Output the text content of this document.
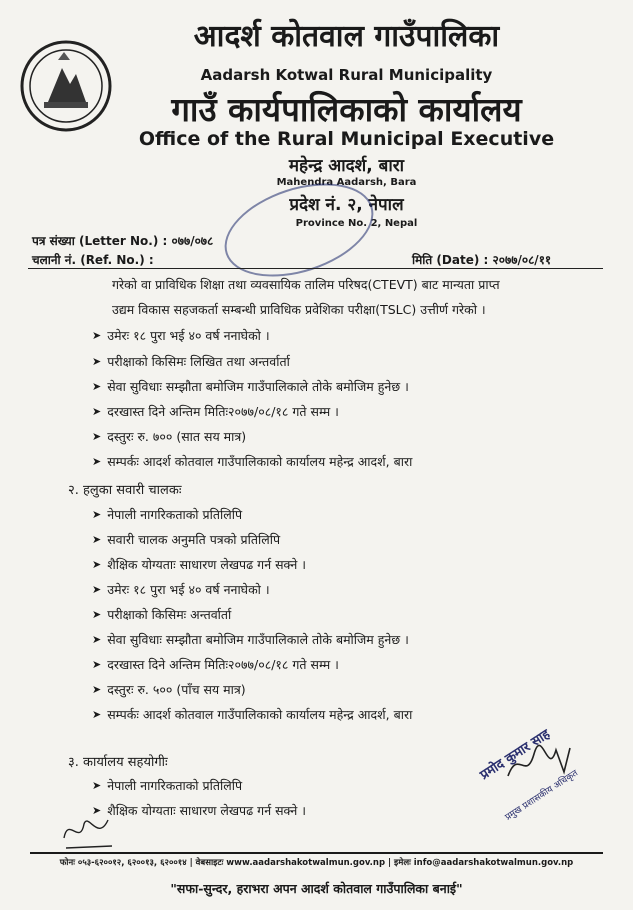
आदर्श कोतवाल गाउँपालिका
Aadarsh Kotwal Rural Municipality
गाउँ कार्यपालिकाको कार्यालय
Office of the Rural Municipal Executive
महेन्द्र आदर्श, बारा
Mahendra Aadarsh, Bara
प्रदेश नं. २, नेपाल
Province No. 2, Nepal
पत्र संख्या (Letter No.) : ०७७/०७८
चलानी नं. (Ref. No.) :	मिति (Date) : २०७७/०८/११
गरेको वा प्राविधिक शिक्षा तथा व्यवसायिक तालिम परिषद(CTEVT) बाट मान्यता प्राप्त
उद्यम विकास सहजकर्ता सम्बन्धी प्राविधिक प्रवेशिका परीक्षा(TSLC) उत्तीर्ण गरेको ।
➤ उमेरः १८ पुरा भई ४० वर्ष ननाघेको ।
➤ परीक्षाको किसिमः लिखित तथा अन्तर्वार्ता
➤ सेवा सुविधाः सम्झौता बमोजिम गाउँपालिकाले तोके बमोजिम हुनेछ ।
➤ दरखास्त दिने अन्तिम मितिः२०७७/०८/१८ गते सम्म ।
➤ दस्तुरः रु. ७०० (सात सय मात्र)
➤ सम्पर्कः आदर्श कोतवाल गाउँपालिकाको कार्यालय महेन्द्र आदर्श, बारा
२. हलुका सवारी चालकः
➤ नेपाली नागरिकताको प्रतिलिपि
➤ सवारी चालक अनुमति पत्रको प्रतिलिपि
➤ शैक्षिक योग्यताः साधारण लेखपढ गर्न सक्ने ।
➤ उमेरः १८ पुरा भई ४० वर्ष ननाघेको ।
➤ परीक्षाको किसिमः अन्तर्वार्ता
➤ सेवा सुविधाः सम्झौता बमोजिम गाउँपालिकाले तोके बमोजिम हुनेछ ।
➤ दरखास्त दिने अन्तिम मितिः२०७७/०८/१८ गते सम्म ।
➤ दस्तुरः रु. ५०० (पाँच सय मात्र)
➤ सम्पर्कः आदर्श कोतवाल गाउँपालिकाको कार्यालय महेन्द्र आदर्श, बारा
३. कार्यालय सहयोगीः
➤ नेपाली नागरिकताको प्रतिलिपि
➤ शैक्षिक योग्यताः साधारण लेखपढ गर्न सक्ने ।
प्रमोद कुमार साह
प्रमुख प्रशासकीय अधिकृत
फोनः ०५३-६२००१२, ६२००१३, ६२००१४ | वेबसाइटः www.aadarshakotwalmun.gov.np | इमेलः info@aadarshakotwalmun.gov.np
"सफा-सुन्दर, हराभरा अपन आदर्श कोतवाल गाउँपालिका बनाई"
